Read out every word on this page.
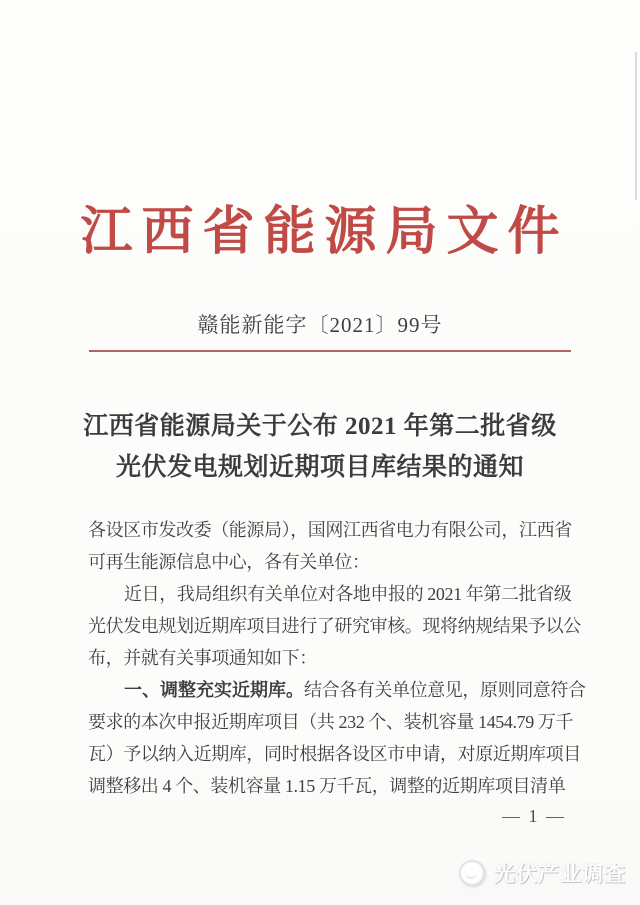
江西省能源局文件
赣能新能字〔2021〕99号
江西省能源局关于公布 2021 年第二批省级
光伏发电规划近期项目库结果的通知
各设区市发改委（能源局），国网江西省电力有限公司，江西省
可再生能源信息中心，各有关单位：
近日，我局组织有关单位对各地申报的 2021 年第二批省级
光伏发电规划近期库项目进行了研究审核。现将纳规结果予以公
布，并就有关事项通知如下：
一、调整充实近期库。结合各有关单位意见，原则同意符合
要求的本次申报近期库项目（共 232 个、装机容量 1454.79 万千
瓦）予以纳入近期库，同时根据各设区市申请，对原近期库项目
调整移出 4 个、装机容量 1.15 万千瓦，调整的近期库项目清单
— 1 —
光伏产业调查
